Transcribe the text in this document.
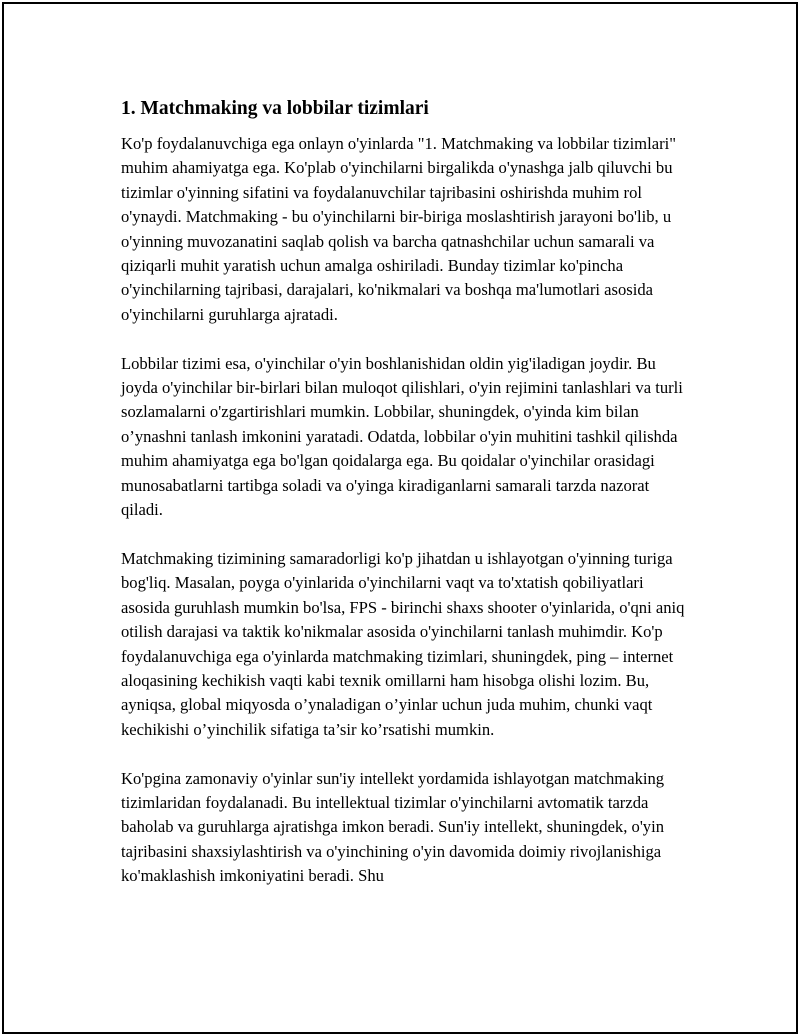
1. Matchmaking va lobbilar tizimlari

Ko'p foydalanuvchiga ega onlayn o'yinlarda "1. Matchmaking va lobbilar tizimlari" muhim ahamiyatga ega. Ko'plab o'yinchilarni birgalikda o'ynashga jalb qiluvchi bu tizimlar o'yinning sifatini va foydalanuvchilar tajribasini oshirishda muhim rol o'ynaydi. Matchmaking - bu o'yinchilarni bir-biriga moslashtirish jarayoni bo'lib, u o'yinning muvozanatini saqlab qolish va barcha qatnashchilar uchun samarali va qiziqarli muhit yaratish uchun amalga oshiriladi. Bunday tizimlar ko'pincha o'yinchilarning tajribasi, darajalari, ko'nikmalari va boshqa ma'lumotlari asosida o'yinchilarni guruhlarga ajratadi.

Lobbilar tizimi esa, o'yinchilar o'yin boshlanishidan oldin yig'iladigan joydir. Bu joyda o'yinchilar bir-birlari bilan muloqot qilishlari, o'yin rejimini tanlashlari va turli sozlamalarni o'zgartirishlari mumkin. Lobbilar, shuningdek, o'yinda kim bilan o’ynashni tanlash imkonini yaratadi. Odatda, lobbilar o'yin muhitini tashkil qilishda muhim ahamiyatga ega bo'lgan qoidalarga ega. Bu qoidalar o'yinchilar orasidagi munosabatlarni tartibga soladi va o'yinga kiradiganlarni samarali tarzda nazorat qiladi.

Matchmaking tizimining samaradorligi ko'p jihatdan u ishlayotgan o'yinning turiga bog'liq. Masalan, poyga o'yinlarida o'yinchilarni vaqt va to'xtatish qobiliyatlari asosida guruhlash mumkin bo'lsa, FPS - birinchi shaxs shooter o'yinlarida, o'qni aniq otilish darajasi va taktik ko'nikmalar asosida o'yinchilarni tanlash muhimdir. Ko'p foydalanuvchiga ega o'yinlarda matchmaking tizimlari, shuningdek, ping – internet aloqasining kechikish vaqti kabi texnik omillarni ham hisobga olishi lozim. Bu, ayniqsa, global miqyosda o’ynaladigan o’yinlar uchun juda muhim, chunki vaqt kechikishi o’yinchilik sifatiga ta’sir ko’rsatishi mumkin.

Ko'pgina zamonaviy o'yinlar sun'iy intellekt yordamida ishlayotgan matchmaking tizimlaridan foydalanadi. Bu intellektual tizimlar o'yinchilarni avtomatik tarzda baholab va guruhlarga ajratishga imkon beradi. Sun'iy intellekt, shuningdek, o'yin tajribasini shaxsiylashtirish va o'yinchining o'yin davomida doimiy rivojlanishiga ko'maklashish imkoniyatini beradi. Shu
